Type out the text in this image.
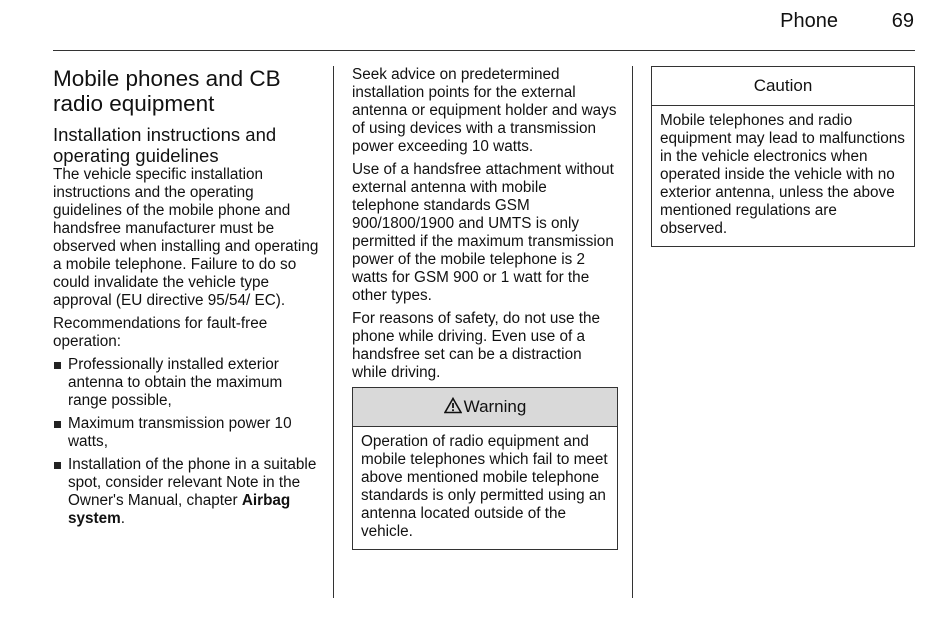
Phone	69
Mobile phones and CB radio equipment
Installation instructions and operating guidelines

The vehicle specific installation instructions and the operating guidelines of the mobile phone and handsfree manufacturer must be observed when installing and operating a mobile telephone. Failure to do so could invalidate the vehicle type approval (EU directive 95/54/ EC).

Recommendations for fault-free operation:

Professionally installed exterior antenna to obtain the maximum range possible,
Maximum transmission power 10 watts,
Installation of the phone in a suitable spot, consider relevant Note in the Owner's Manual, chapter Airbag system.

Seek advice on predetermined installation points for the external antenna or equipment holder and ways of using devices with a transmission power exceeding 10 watts.

Use of a handsfree attachment without external antenna with mobile telephone standards GSM 900/1800/1900 and UMTS is only permitted if the maximum transmission power of the mobile telephone is 2 watts for GSM 900 or 1 watt for the other types.

For reasons of safety, do not use the phone while driving. Even use of a handsfree set can be a distraction while driving.

Warning
Operation of radio equipment and mobile telephones which fail to meet above mentioned mobile telephone standards is only permitted using an antenna located outside of the vehicle.
Caution
Mobile telephones and radio equipment may lead to malfunctions in the vehicle electronics when operated inside the vehicle with no exterior antenna, unless the above mentioned regulations are observed.
